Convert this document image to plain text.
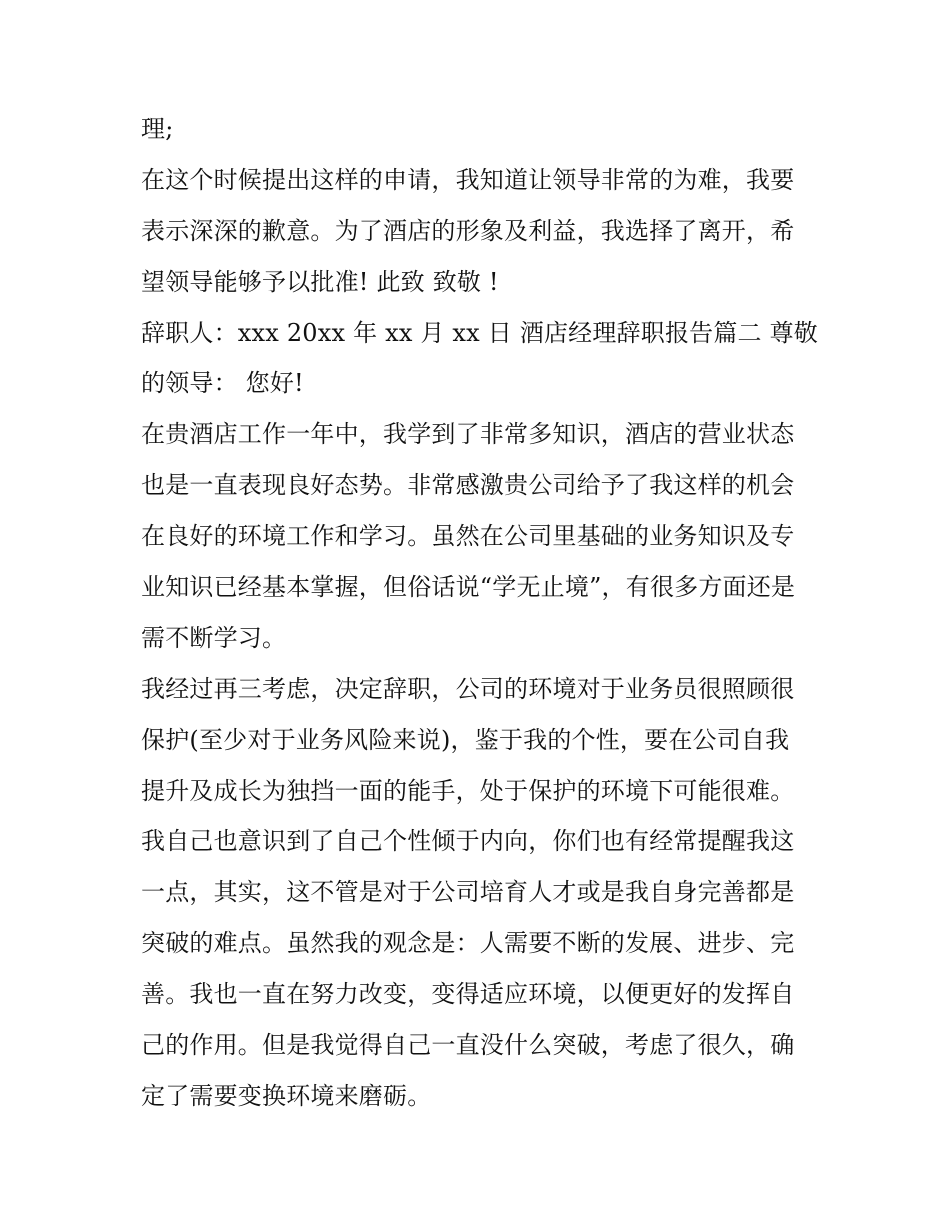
理;
在这个时候提出这样的申请，我知道让领导非常的为难，我要
表示深深的歉意。为了酒店的形象及利益，我选择了离开，希
望领导能够予以批准! 此致 致敬 !
辞职人：xxx 20xx 年 xx 月 xx 日 酒店经理辞职报告篇二 尊敬
的领导： 您好!
在贵酒店工作一年中，我学到了非常多知识，酒店的营业状态
也是一直表现良好态势。非常感激贵公司给予了我这样的机会
在良好的环境工作和学习。虽然在公司里基础的业务知识及专
业知识已经基本掌握，但俗话说“学无止境”，有很多方面还是
需不断学习。
我经过再三考虑，决定辞职，公司的环境对于业务员很照顾很
保护(至少对于业务风险来说)，鉴于我的个性，要在公司自我
提升及成长为独挡一面的能手，处于保护的环境下可能很难。
我自己也意识到了自己个性倾于内向，你们也有经常提醒我这
一点，其实，这不管是对于公司培育人才或是我自身完善都是
突破的难点。虽然我的观念是：人需要不断的发展、进步、完
善。我也一直在努力改变，变得适应环境，以便更好的发挥自
己的作用。但是我觉得自己一直没什么突破，考虑了很久，确
定了需要变换环境来磨砺。
